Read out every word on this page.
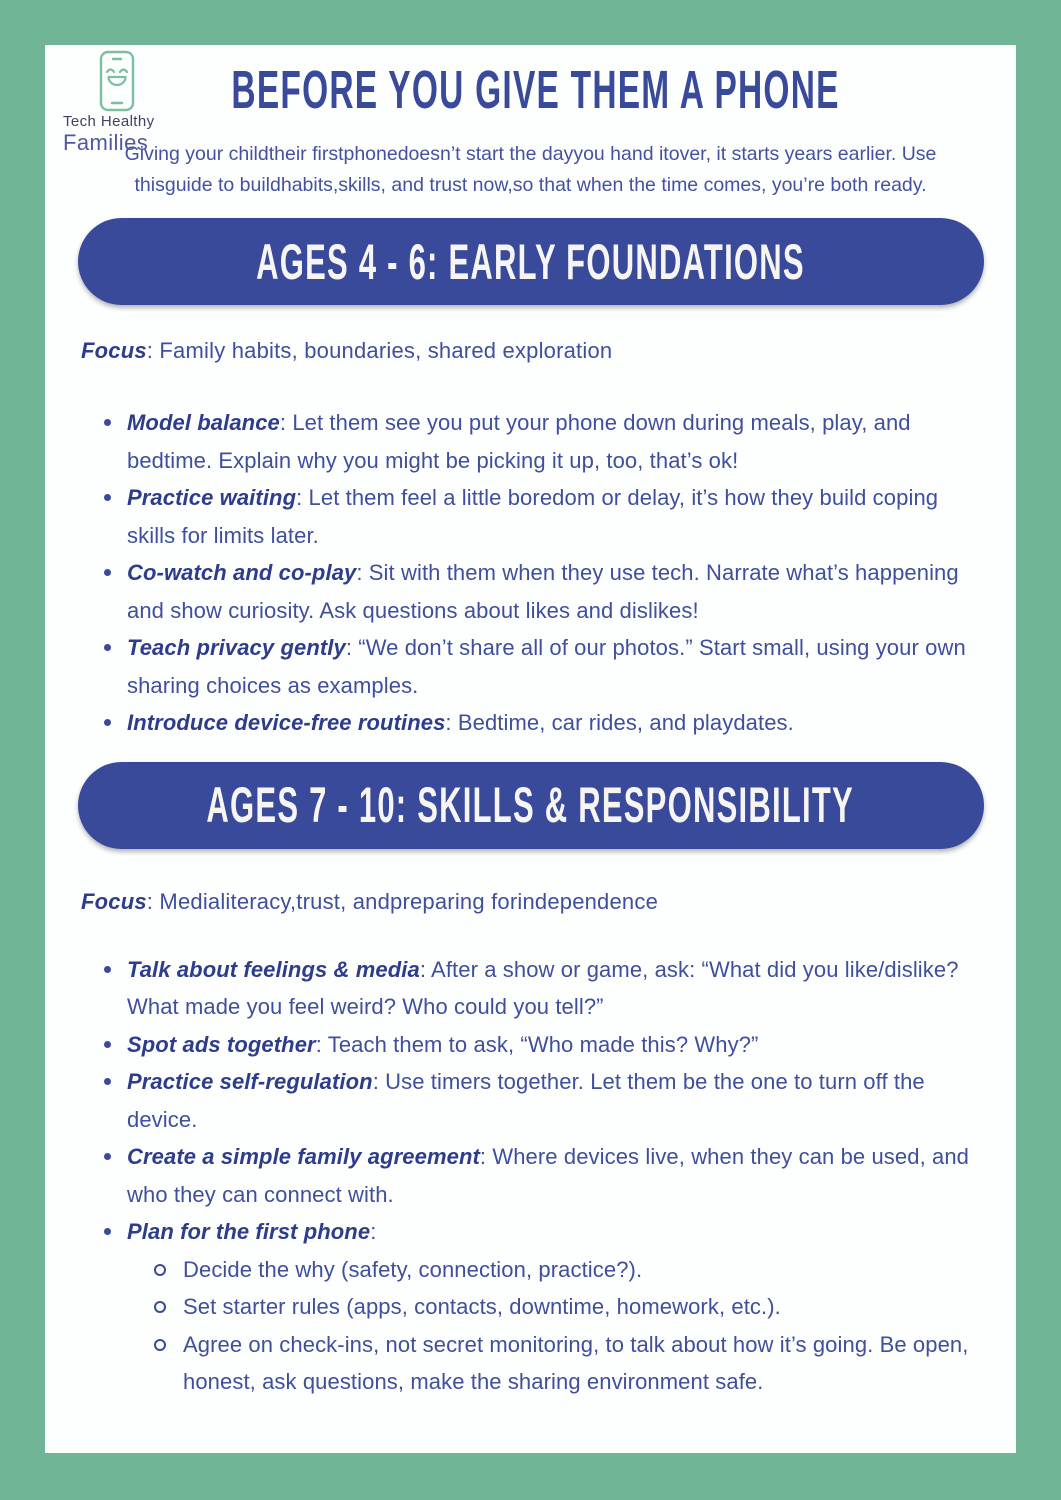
Tech Healthy
Families
BEFORE YOU GIVE THEM A PHONE

Giving your childtheir firstphonedoesn’t start the dayyou hand itover, it starts years earlier. Use thisguide to buildhabits,skills, and trust now,so that when the time comes, you’re both ready.

AGES 4 - 6: EARLY FOUNDATIONS

Focus: Family habits, boundaries, shared exploration

Model balance: Let them see you put your phone down during meals, play, and bedtime. Explain why you might be picking it up, too, that’s ok!
Practice waiting: Let them feel a little boredom or delay, it’s how they build coping skills for limits later.
Co-watch and co-play: Sit with them when they use tech. Narrate what’s happening and show curiosity. Ask questions about likes and dislikes!
Teach privacy gently: “We don’t share all of our photos.” Start small, using your own sharing choices as examples.
Introduce device-free routines: Bedtime, car rides, and playdates.
AGES 7 - 10: SKILLS & RESPONSIBILITY

Focus: Medialiteracy,trust, andpreparing forindependence

Talk about feelings & media: After a show or game, ask: “What did you like/dislike? What made you feel weird? Who could you tell?”
Spot ads together: Teach them to ask, “Who made this? Why?”
Practice self-regulation: Use timers together. Let them be the one to turn off the device.
Create a simple family agreement: Where devices live, when they can be used, and who they can connect with.
Plan for the first phone:
Decide the why (safety, connection, practice?).
Set starter rules (apps, contacts, downtime, homework, etc.).
Agree on check-ins, not secret monitoring, to talk about how it’s going. Be open, honest, ask questions, make the sharing environment safe.
